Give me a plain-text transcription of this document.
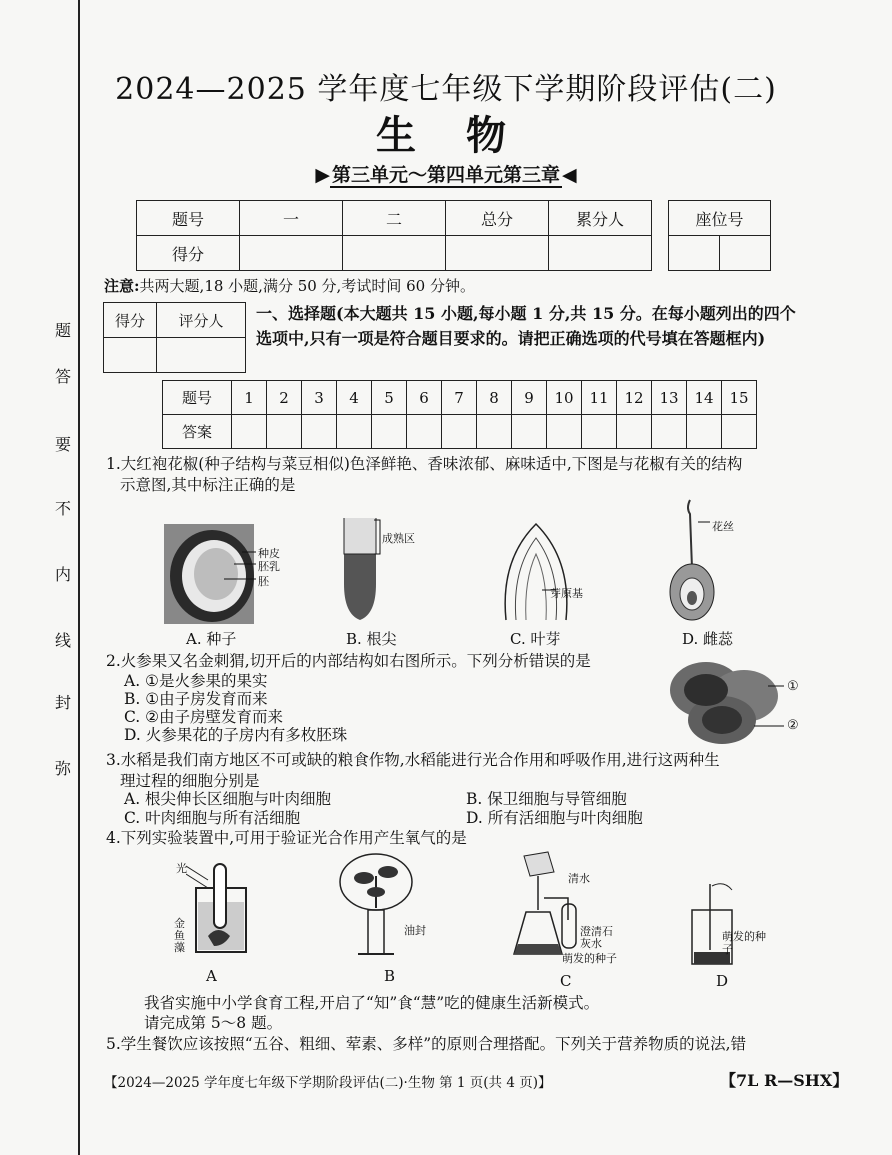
题
答
要
不
内
线
封
弥
2024—2025 学年度七年级下学期阶段评估(二)
生物
▶ 第三单元～第四单元第三章 ◀
题号	一	二	总分	累分人
得分				
座位号

注意:共两大题,18 小题,满分 50 分,考试时间 60 分钟。
得分	评分人
	一、选择题(本大题共 15 小题,每小题 1 分,共 15 分。在每小题列出的四个选项中,只有一项是符合题目要求的。请把正确选项的代号填在答题框内)
题号	1	2	3	4	5	6	7	8	9	10	11	12	13	14	15
答案															
1.大红袍花椒(种子结构与菜豆相似)色泽鲜艳、香味浓郁、麻味适中,下图是与花椒有关的结构
示意图,其中标注正确的是
种皮
胚乳
胚
A. 种子
成熟区
B. 根尖
芽原基
C. 叶芽
花丝
D. 雌蕊
2.火参果又名金刺猬,切开后的内部结构如右图所示。下列分析错误的是
A. ①是火参果的果实
B. ①由子房发育而来
C. ②由子房壁发育而来
D. 火参果花的子房内有多枚胚珠
①
②
3.水稻是我们南方地区不可或缺的粮食作物,水稻能进行光合作用和呼吸作用,进行这两种生
理过程的细胞分别是
A. 根尖伸长区细胞与叶肉细胞	B. 保卫细胞与导管细胞
C. 叶肉细胞与所有活细胞	D. 所有活细胞与叶肉细胞
4.下列实验装置中,可用于验证光合作用产生氧气的是
光
金鱼藻
A
油封
B
清水
澄清石灰水
萌发的种子
C
萌发的种子
D
我省实施中小学食育工程,开启了“知”食“慧”吃的健康生活新模式。
请完成第 5～8 题。
5.学生餐饮应该按照“五谷、粗细、荤素、多样”的原则合理搭配。下列关于营养物质的说法,错
【2024—2025 学年度七年级下学期阶段评估(二)·生物 第 1 页(共 4 页)】	【7L R—SHX】
